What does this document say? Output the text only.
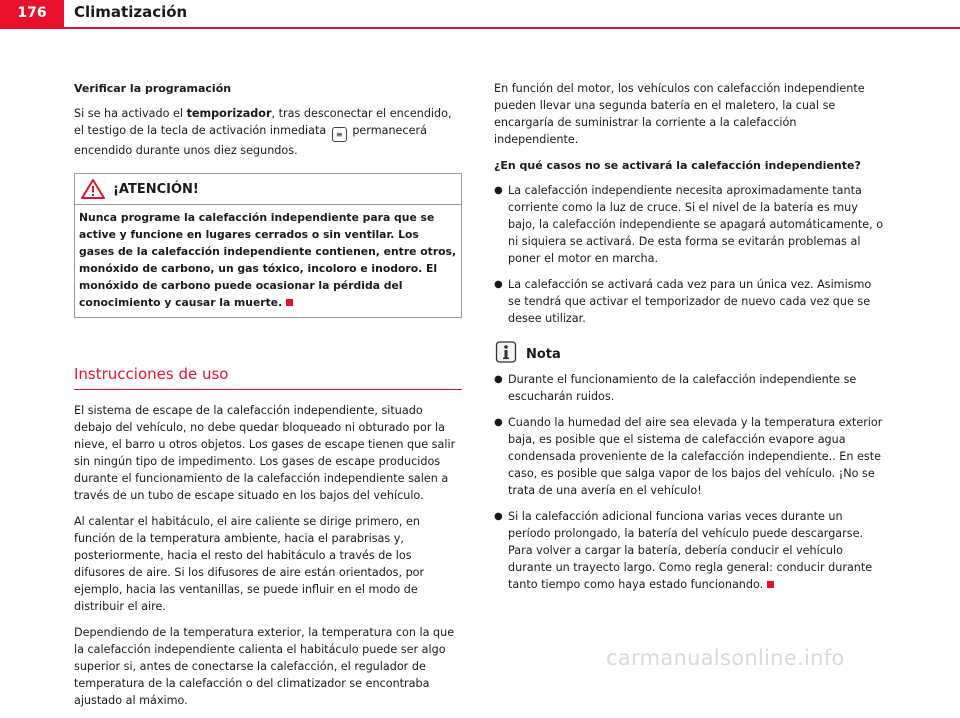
176	Climatización
Verificar la programación

Si se ha activado el temporizador, tras desconectar el encendido, el testigo de la tecla de activación inmediata ≡ permanecerá encendido durante unos diez segundos.

¡ATENCIÓN!
Nunca programe la calefacción independiente para que se active y funcione en lugares cerrados o sin ventilar. Los gases de la calefacción independiente contienen, entre otros, monóxido de carbono, un gas tóxico, incoloro e inodoro. El monóxido de carbono puede ocasionar la pérdida del conocimiento y causar la muerte.
Instrucciones de uso

El sistema de escape de la calefacción independiente, situado debajo del vehículo, no debe quedar bloqueado ni obturado por la nieve, el barro u otros objetos. Los gases de escape tienen que salir sin ningún tipo de impedimento. Los gases de escape producidos durante el funcionamiento de la calefacción independiente salen a través de un tubo de escape situado en los bajos del vehículo.

Al calentar el habitáculo, el aire caliente se dirige primero, en función de la temperatura ambiente, hacia el parabrisas y, posteriormente, hacia el resto del habitáculo a través de los difusores de aire. Si los difusores de aire están orientados, por ejemplo, hacia las ventanillas, se puede influir en el modo de distribuir el aire.

Dependiendo de la temperatura exterior, la temperatura con la que la calefacción independiente calienta el habitáculo puede ser algo superior si, antes de conectarse la calefacción, el regulador de temperatura de la calefacción o del climatizador se encontraba ajustado al máximo.

En función del motor, los vehículos con calefacción independiente pueden llevar una segunda batería en el maletero, la cual se encargaría de suministrar la corriente a la calefacción independiente.

¿En qué casos no se activará la calefacción independiente?
● La calefacción independiente necesita aproximadamente tanta corriente como la luz de cruce. Si el nivel de la batería es muy bajo, la calefacción independiente se apagará automáticamente, o ni siquiera se activará. De esta forma se evitarán problemas al poner el motor en marcha.
● La calefacción se activará cada vez para un única vez. Asimismo se tendrá que activar el temporizador de nuevo cada vez que se desee utilizar.
Nota
● Durante el funcionamiento de la calefacción independiente se escucharán ruidos.
● Cuando la humedad del aire sea elevada y la temperatura exterior baja, es posible que el sistema de calefacción evapore agua condensada proveniente de la calefacción independiente.. En este caso, es posible que salga vapor de los bajos del vehículo. ¡No se trata de una avería en el vehículo!
● Si la calefacción adicional funciona varias veces durante un período prolongado, la batería del vehículo puede descargarse. Para volver a cargar la batería, debería conducir el vehículo durante un trayecto largo. Como regla general: conducir durante tanto tiempo como haya estado funcionando.
carmanualsonline.info
